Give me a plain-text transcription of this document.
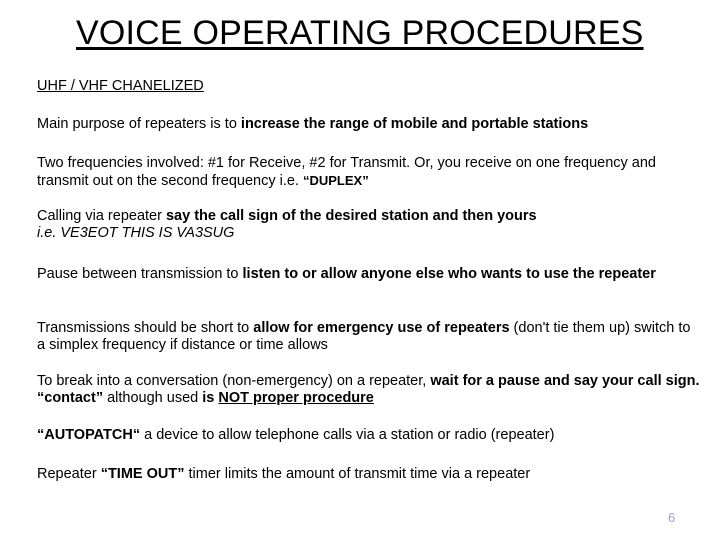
VOICE OPERATING PROCEDURES
UHF / VHF CHANELIZED
Main purpose of repeaters is to increase the range of mobile and portable stations
Two frequencies involved: #1 for Receive, #2 for Transmit. Or, you receive on one frequency and transmit out on the second frequency i.e. “DUPLEX”
Calling via repeater say the call sign of the desired station and then yours
i.e. VE3EOT THIS IS VA3SUG
Pause between transmission to listen to or allow anyone else who wants to use the repeater
Transmissions should be short to allow for emergency use of repeaters (don't tie them up) switch to a simplex frequency if distance or time allows
To break into a conversation (non-emergency) on a repeater, wait for a pause and say your call sign. “contact” although used is NOT proper procedure
“AUTOPATCH“ a device to allow telephone calls via a station or radio (repeater)
Repeater “TIME OUT” timer limits the amount of transmit time via a repeater
6
